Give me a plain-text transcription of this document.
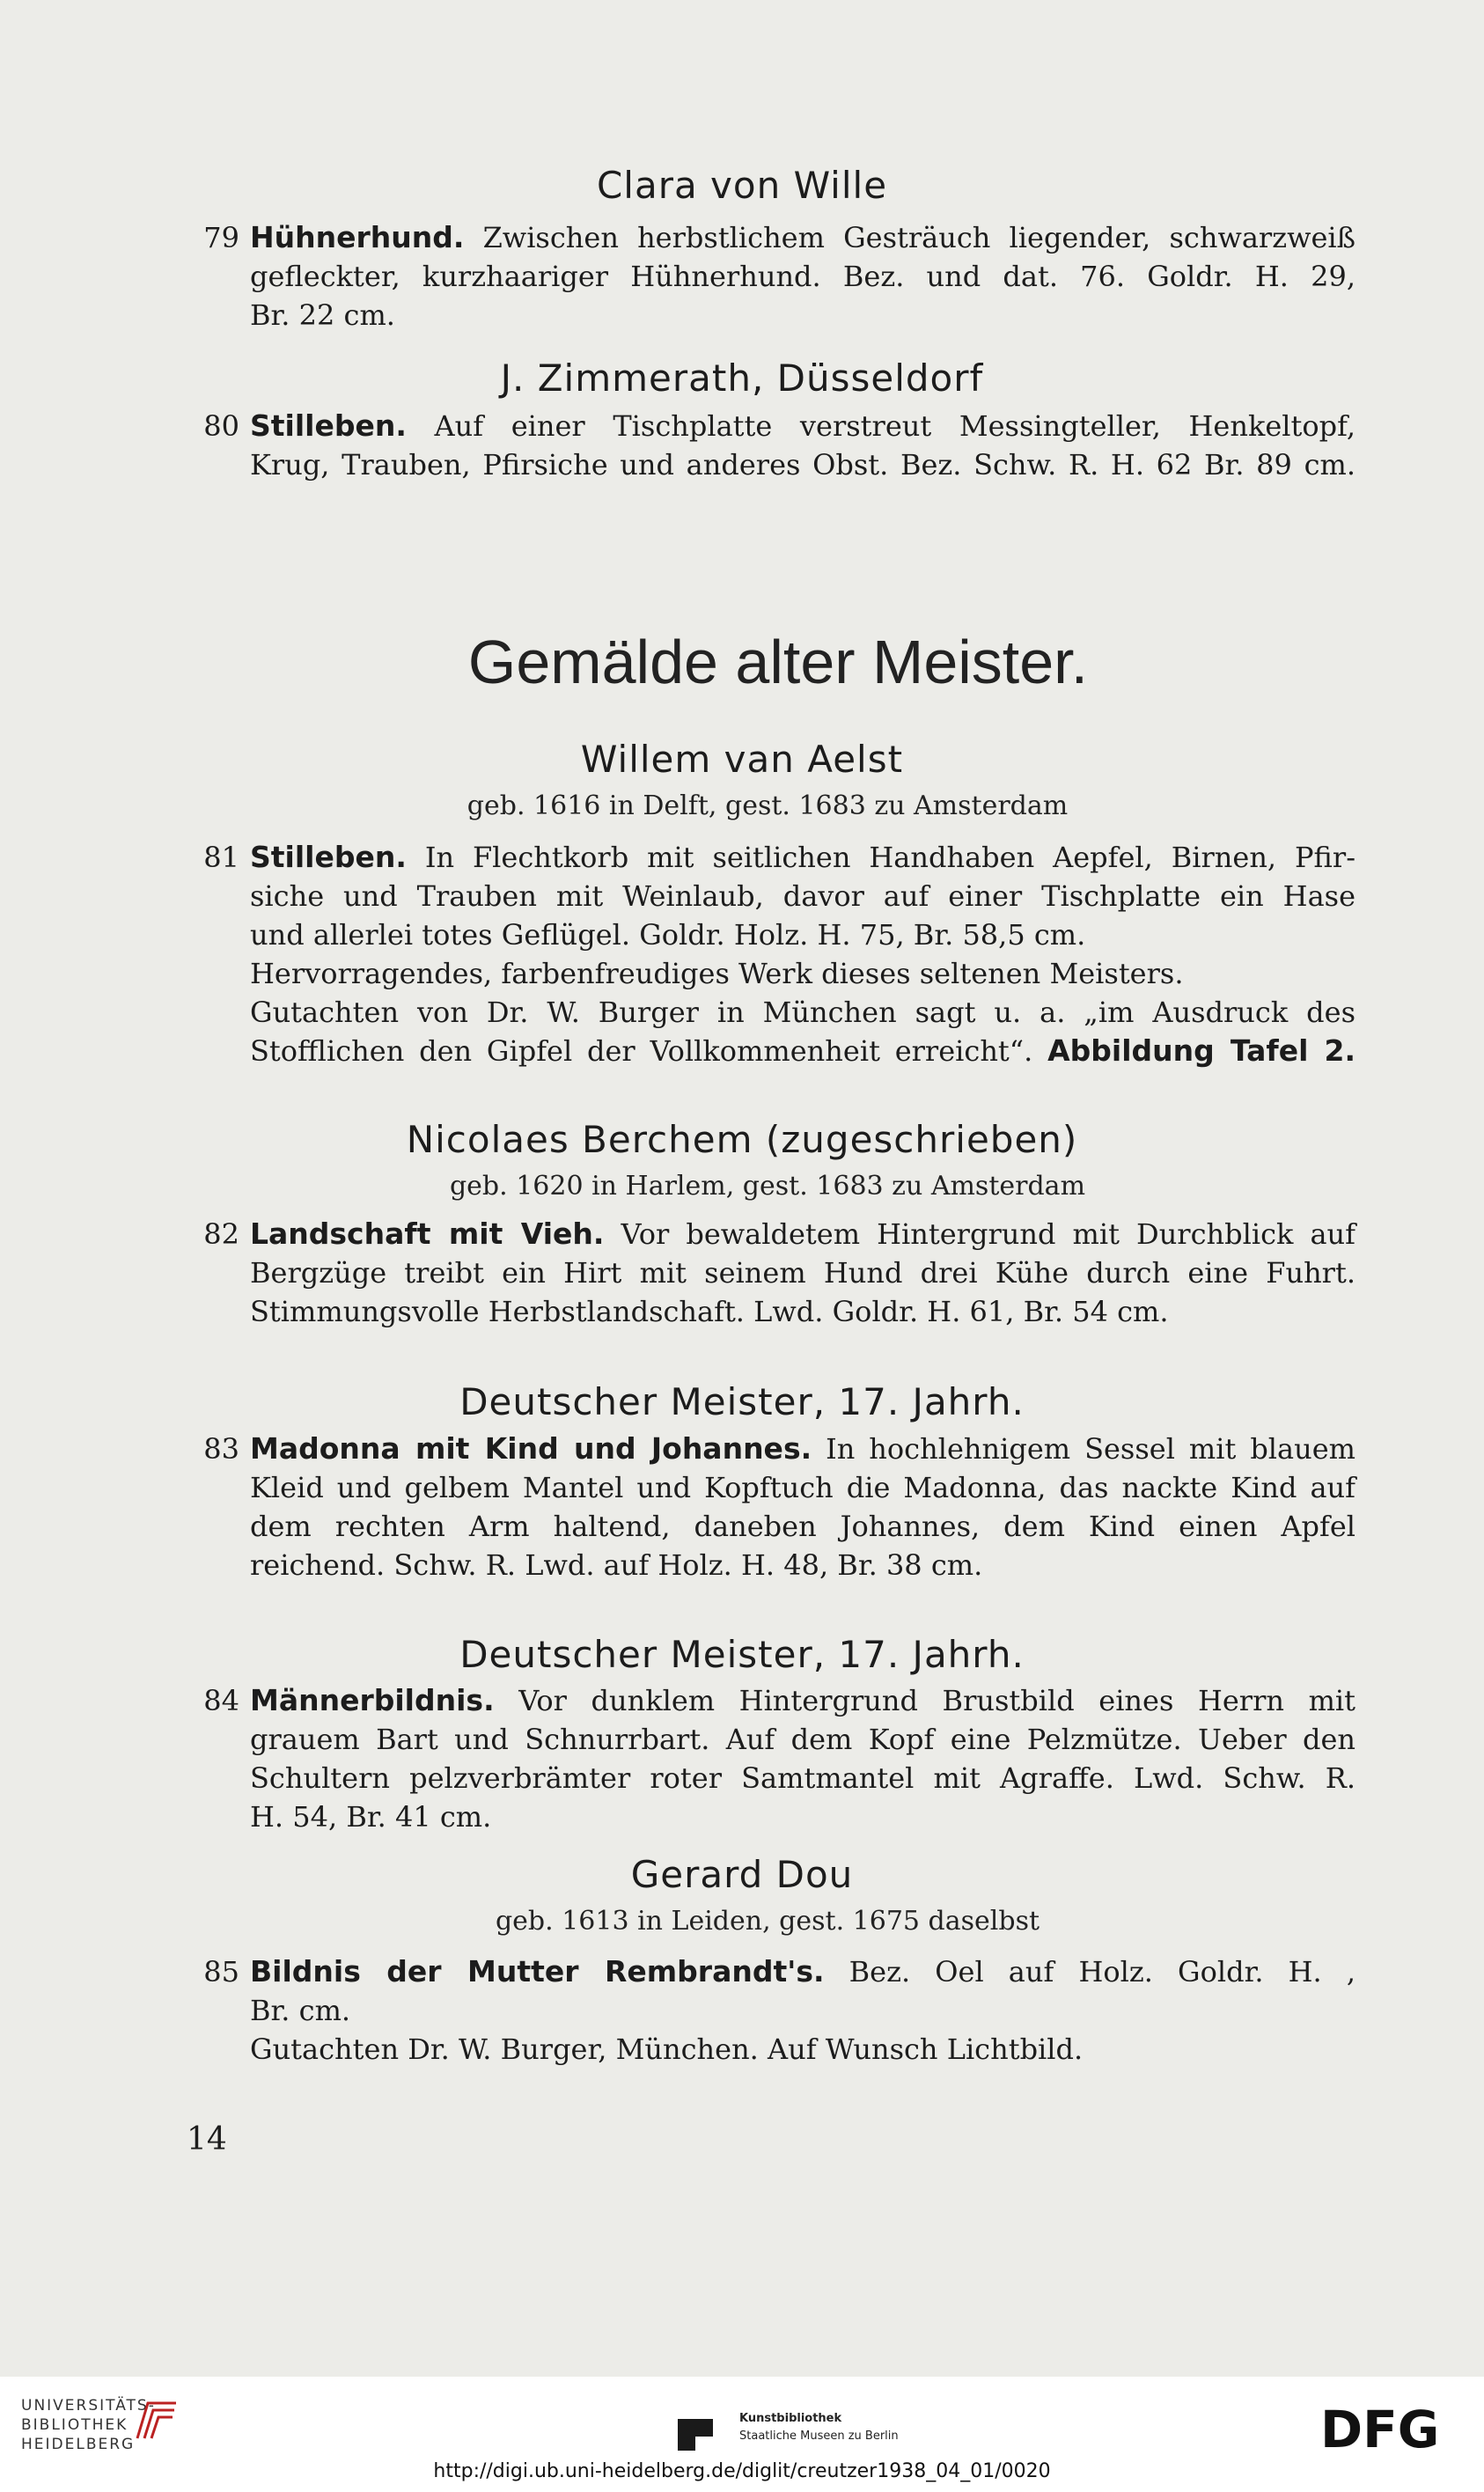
Clara von Wille
79 Hühnerhund. Zwischen herbstlichem Gesträuch liegender, schwarzweiß
gefleckter, kurzhaariger Hühnerhund. Bez. und dat. 76. Goldr. H. 29,
Br. 22 cm.
J. Zimmerath, Düsseldorf
80 Stilleben. Auf einer Tischplatte verstreut Messingteller, Henkeltopf,
Krug, Trauben, Pfirsiche und anderes Obst. Bez. Schw. R. H. 62 Br. 89 cm.
Gemälde alter Meister.
Willem van Aelst
geb. 1616 in Delft, gest. 1683 zu Amsterdam
81 Stilleben. In Flechtkorb mit seitlichen Handhaben Aepfel, Birnen, Pfir-
siche und Trauben mit Weinlaub, davor auf einer Tischplatte ein Hase
und allerlei totes Geflügel. Goldr. Holz. H. 75, Br. 58,5 cm.
Hervorragendes, farbenfreudiges Werk dieses seltenen Meisters.
Gutachten von Dr. W. Burger in München sagt u. a. „im Ausdruck des
Stofflichen den Gipfel der Vollkommenheit erreicht“. Abbildung Tafel 2.
Nicolaes Berchem (zugeschrieben)
geb. 1620 in Harlem, gest. 1683 zu Amsterdam
82 Landschaft mit Vieh. Vor bewaldetem Hintergrund mit Durchblick auf
Bergzüge treibt ein Hirt mit seinem Hund drei Kühe durch eine Fuhrt.
Stimmungsvolle Herbstlandschaft. Lwd. Goldr. H. 61, Br. 54 cm.
Deutscher Meister, 17. Jahrh.
83 Madonna mit Kind und Johannes. In hochlehnigem Sessel mit blauem
Kleid und gelbem Mantel und Kopftuch die Madonna, das nackte Kind auf
dem rechten Arm haltend, daneben Johannes, dem Kind einen Apfel
reichend. Schw. R. Lwd. auf Holz. H. 48, Br. 38 cm.
Deutscher Meister, 17. Jahrh.
84 Männerbildnis. Vor dunklem Hintergrund Brustbild eines Herrn mit
grauem Bart und Schnurrbart. Auf dem Kopf eine Pelzmütze. Ueber den
Schultern pelzverbrämter roter Samtmantel mit Agraffe. Lwd. Schw. R.
H. 54, Br. 41 cm.
Gerard Dou
geb. 1613 in Leiden, gest. 1675 daselbst
85 Bildnis der Mutter Rembrandt's. Bez. Oel auf Holz. Goldr. H. ,
Br. cm.
Gutachten Dr. W. Burger, München. Auf Wunsch Lichtbild.
14
UNIVERSITÄTS-
BIBLIOTHEK
HEIDELBERG
Kunstbibliothek
Staatliche Museen zu Berlin	DFG
http://digi.ub.uni-heidelberg.de/diglit/creutzer1938_04_01/0020
